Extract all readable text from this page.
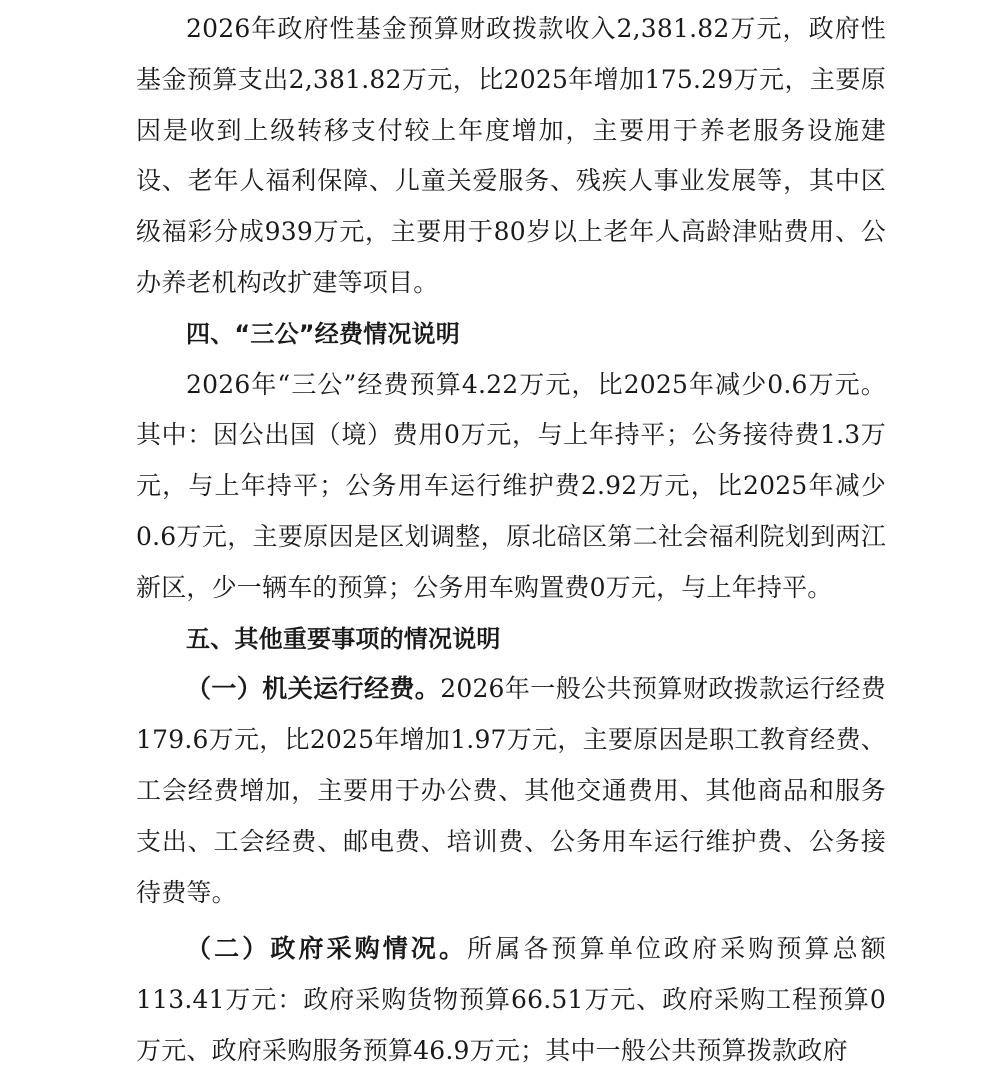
2026年政府性基金预算财政拨款收入2,381.82万元，政府性基金预算支出2,381.82万元，比2025年增加175.29万元，主要原因是收到上级转移支付较上年度增加，主要用于养老服务设施建设、老年人福利保障、儿童关爱服务、残疾人事业发展等，其中区级福彩分成939万元，主要用于80岁以上老年人高龄津贴费用、公办养老机构改扩建等项目。

四、“三公”经费情况说明

2026年“三公”经费预算4.22万元，比2025年减少0.6万元。其中：因公出国（境）费用0万元，与上年持平；公务接待费1.3万元，与上年持平；公务用车运行维护费2.92万元，比2025年减少0.6万元，主要原因是区划调整，原北碚区第二社会福利院划到两江新区，少一辆车的预算；公务用车购置费0万元，与上年持平。

五、其他重要事项的情况说明

（一）机关运行经费。2026年一般公共预算财政拨款运行经费179.6万元，比2025年增加1.97万元，主要原因是职工教育经费、工会经费增加，主要用于办公费、其他交通费用、其他商品和服务支出、工会经费、邮电费、培训费、公务用车运行维护费、公务接待费等。

（二）政府采购情况。所属各预算单位政府采购预算总额113.41万元：政府采购货物预算66.51万元、政府采购工程预算0万元、政府采购服务预算46.9万元；其中一般公共预算拨款政府
